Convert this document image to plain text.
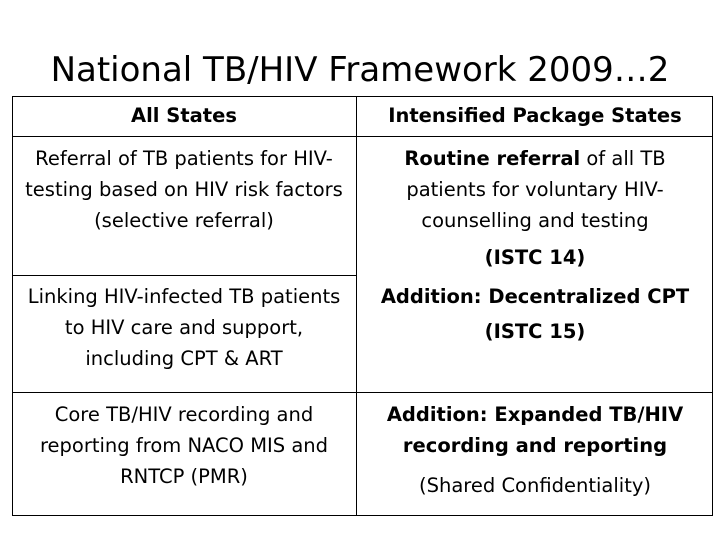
National TB/HIV Framework 2009…2
All States	Intensified Package States
Referral of TB patients for HIV-testing based on HIV risk factors (selective referral)
Routine referral of all TB patients for voluntary HIV-counselling and testing
(ISTC 14)
Linking HIV-infected TB patients to HIV care and support, including CPT & ART
Addition: Decentralized CPT
(ISTC 15)
Core TB/HIV recording and reporting from NACO MIS and RNTCP (PMR)
Addition: Expanded TB/HIV recording and reporting
(Shared Confidentiality)
